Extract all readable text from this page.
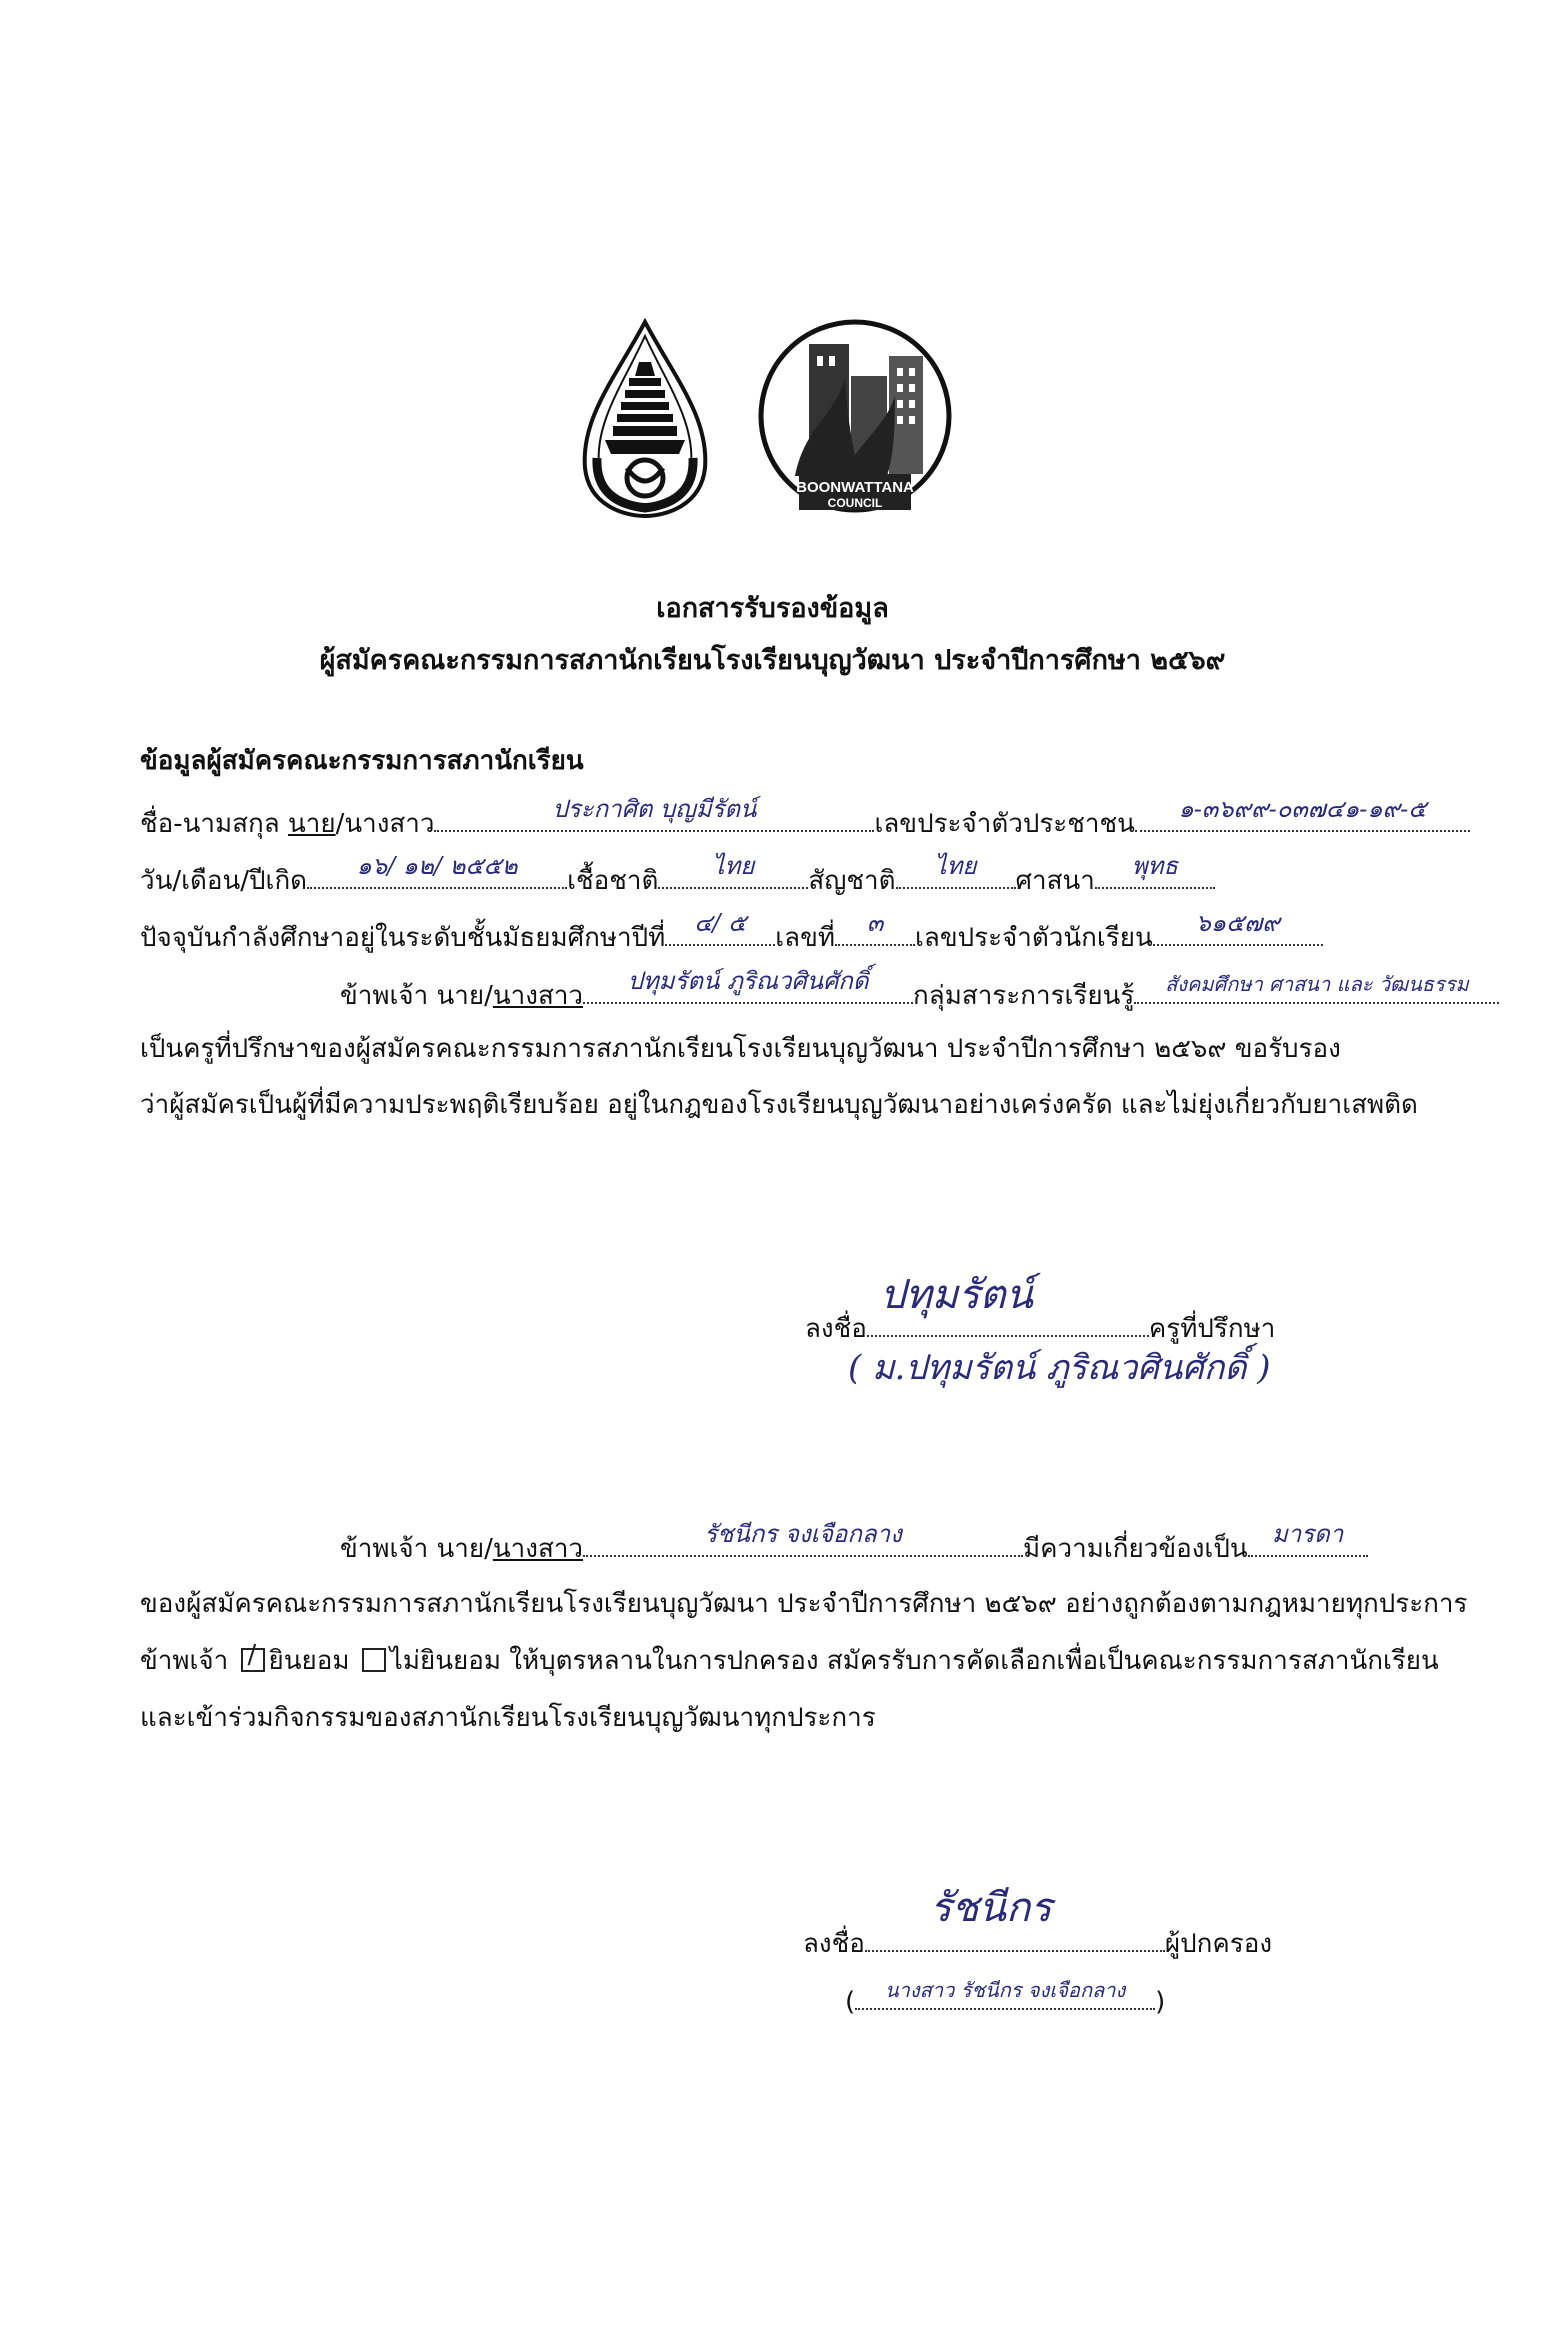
BOONWATTANA
COUNCIL
เอกสารรับรองข้อมูล
ผู้สมัครคณะกรรมการสภานักเรียนโรงเรียนบุญวัฒนา ประจำปีการศึกษา ๒๕๖๙
ข้อมูลผู้สมัครคณะกรรมการสภานักเรียน
ชื่อ-นามสกุล นาย/นางสาว	ประกาศิต บุญมีรัตน์	เลขประจำตัวประชาชน	๑-๓๖๙๙-๐๓๗๔๑-๑๙-๕
วัน/เดือน/ปีเกิด	๑๖/ ๑๒/ ๒๕๕๒	เชื้อชาติ	ไทย	สัญชาติ	ไทย	ศาสนา	พุทธ
ปัจจุบันกำลังศึกษาอยู่ในระดับชั้นมัธยมศึกษาปีที่	๔/ ๕	เลขที่	๓	เลขประจำตัวนักเรียน	๖๑๕๗๙
ข้าพเจ้า นาย/นางสาว	ปทุมรัตน์ ภูริณวศินศักดิ์	กลุ่มสาระการเรียนรู้	สังคมศึกษา ศาสนา และ วัฒนธรรม
เป็นครูที่ปรึกษาของผู้สมัครคณะกรรมการสภานักเรียนโรงเรียนบุญวัฒนา ประจำปีการศึกษา ๒๕๖๙ ขอรับรอง
ว่าผู้สมัครเป็นผู้ที่มีความประพฤติเรียบร้อย อยู่ในกฎของโรงเรียนบุญวัฒนาอย่างเคร่งครัด และไม่ยุ่งเกี่ยวกับยาเสพติด
ลงชื่อ	ครูที่ปรึกษา
ปทุมรัตน์
( ม.ปทุมรัตน์ ภูริณวศินศักดิ์ )
ข้าพเจ้า นาย/นางสาว	รัชนีกร จงเจือกลาง	มีความเกี่ยวข้องเป็น	มารดา
ของผู้สมัครคณะกรรมการสภานักเรียนโรงเรียนบุญวัฒนา ประจำปีการศึกษา ๒๕๖๙ อย่างถูกต้องตามกฎหมายทุกประการ
ข้าพเจ้า / ยินยอม ไม่ยินยอม ให้บุตรหลานในการปกครอง สมัครรับการคัดเลือกเพื่อเป็นคณะกรรมการสภานักเรียน
และเข้าร่วมกิจกรรมของสภานักเรียนโรงเรียนบุญวัฒนาทุกประการ
ลงชื่อ	ผู้ปกครอง
รัชนีกร
(	นางสาว รัชนีกร จงเจือกลาง	)
